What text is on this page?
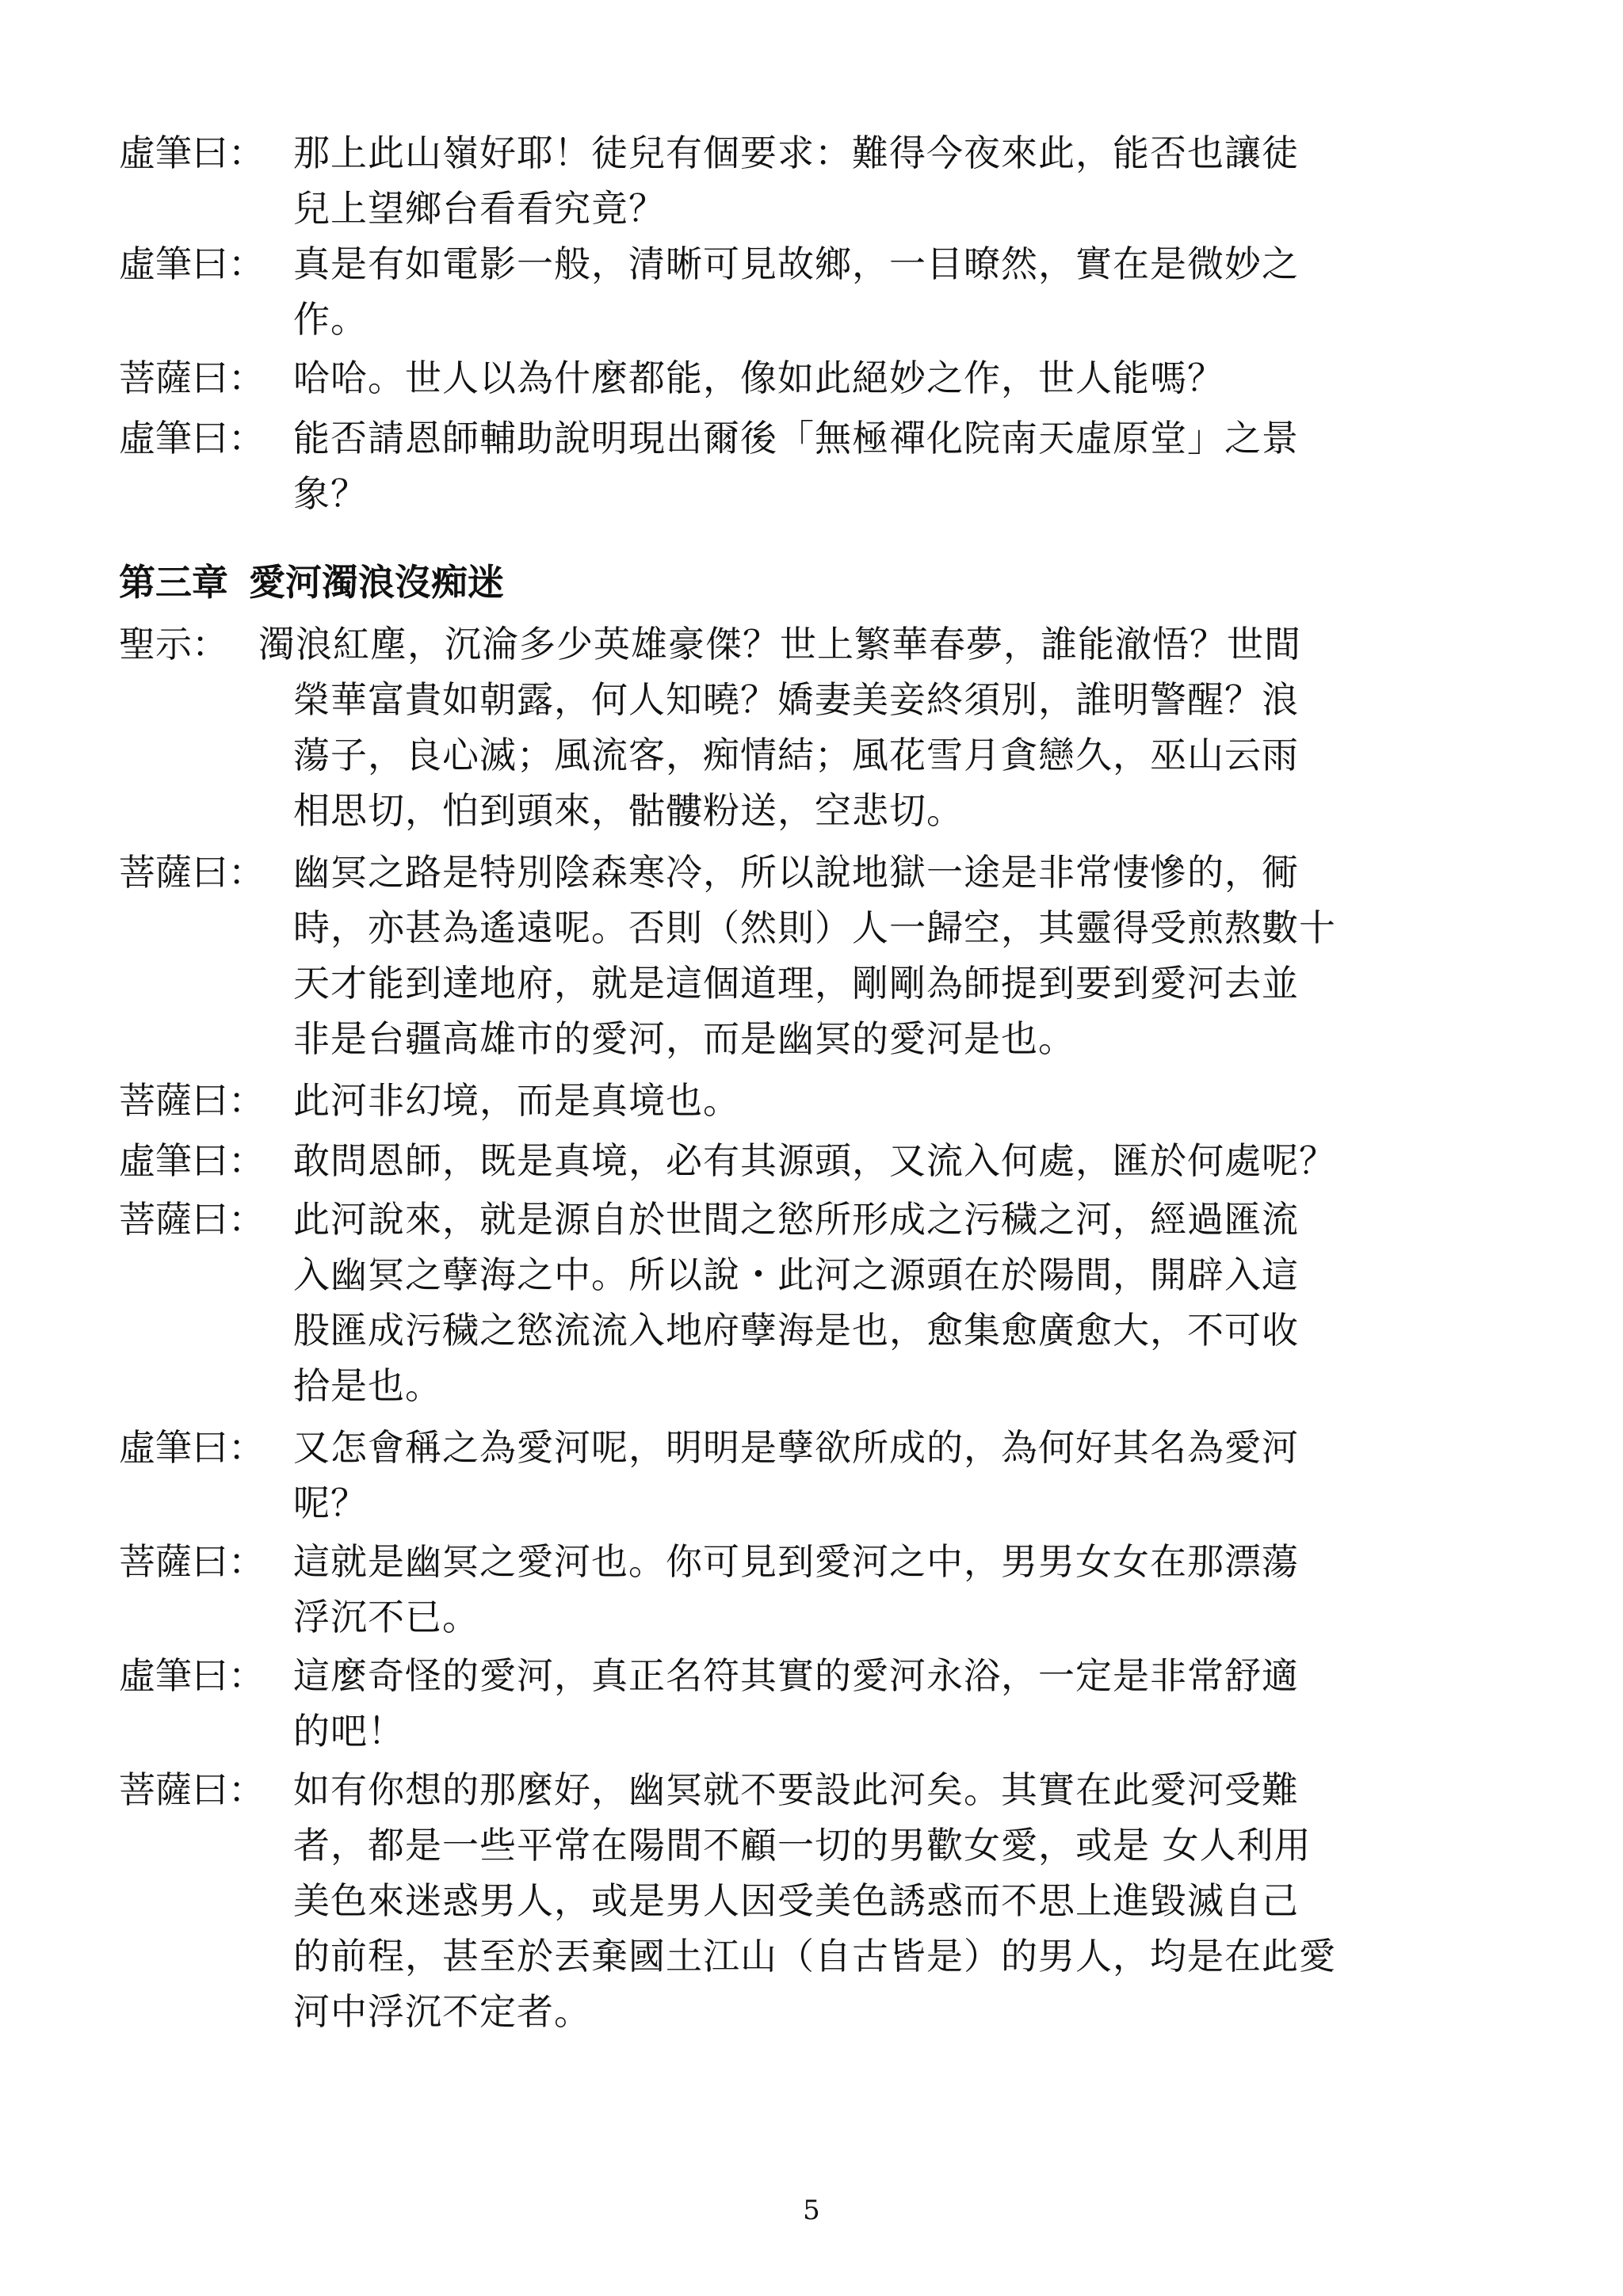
虛筆曰： 那上此山嶺好耶！徒兒有個要求：難得今夜來此，能否也讓徒
兒上望鄉台看看究竟？
虛筆曰： 真是有如電影一般，清晰可見故鄉，一目暸然，實在是微妙之
作。
菩薩曰： 哈哈。世人以為什麼都能，像如此絕妙之作，世人能嗎？
虛筆曰： 能否請恩師輔助說明現出爾後「無極禪化院南天虛原堂」之景
象？
第三章 愛河濁浪沒痴迷
聖示： 濁浪紅塵，沉淪多少英雄豪傑？世上繁華春夢，誰能澈悟？世間
榮華富貴如朝露，何人知曉？嬌妻美妾終須別，誰明警醒？浪
蕩子，良心滅；風流客，痴情結；風花雪月貪戀久，巫山云雨
相思切，怕到頭來，骷髏粉送，空悲切。
菩薩曰： 幽冥之路是特別陰森寒冷，所以說地獄一途是非常悽慘的，衕
時，亦甚為遙遠呢。否則（然則）人一歸空，其靈得受煎熬數十
天才能到達地府，就是這個道理，剛剛為師提到要到愛河去並
非是台疆高雄市的愛河，而是幽冥的愛河是也。
菩薩曰： 此河非幻境，而是真境也。
虛筆曰： 敢問恩師，既是真境，必有其源頭，又流入何處，匯於何處呢？
菩薩曰： 此河說來，就是源自於世間之慾所形成之污穢之河，經過匯流
入幽冥之孽海之中。所以說・此河之源頭在於陽間，開辟入這
股匯成污穢之慾流流入地府孽海是也，愈集愈廣愈大，不可收
拾是也。
虛筆曰： 又怎會稱之為愛河呢，明明是孽欲所成的，為何好其名為愛河
呢？
菩薩曰： 這就是幽冥之愛河也。你可見到愛河之中，男男女女在那漂蕩
浮沉不已。
虛筆曰： 這麼奇怪的愛河，真正名符其實的愛河永浴，一定是非常舒適
的吧！
菩薩曰： 如有你想的那麼好，幽冥就不要設此河矣。其實在此愛河受難
者，都是一些平常在陽間不顧一切的男歡女愛，或是 女人利用
美色來迷惑男人，或是男人因受美色誘惑而不思上進毀滅自己
的前程，甚至於丟棄國土江山（自古皆是）的男人，均是在此愛
河中浮沉不定者。
5
